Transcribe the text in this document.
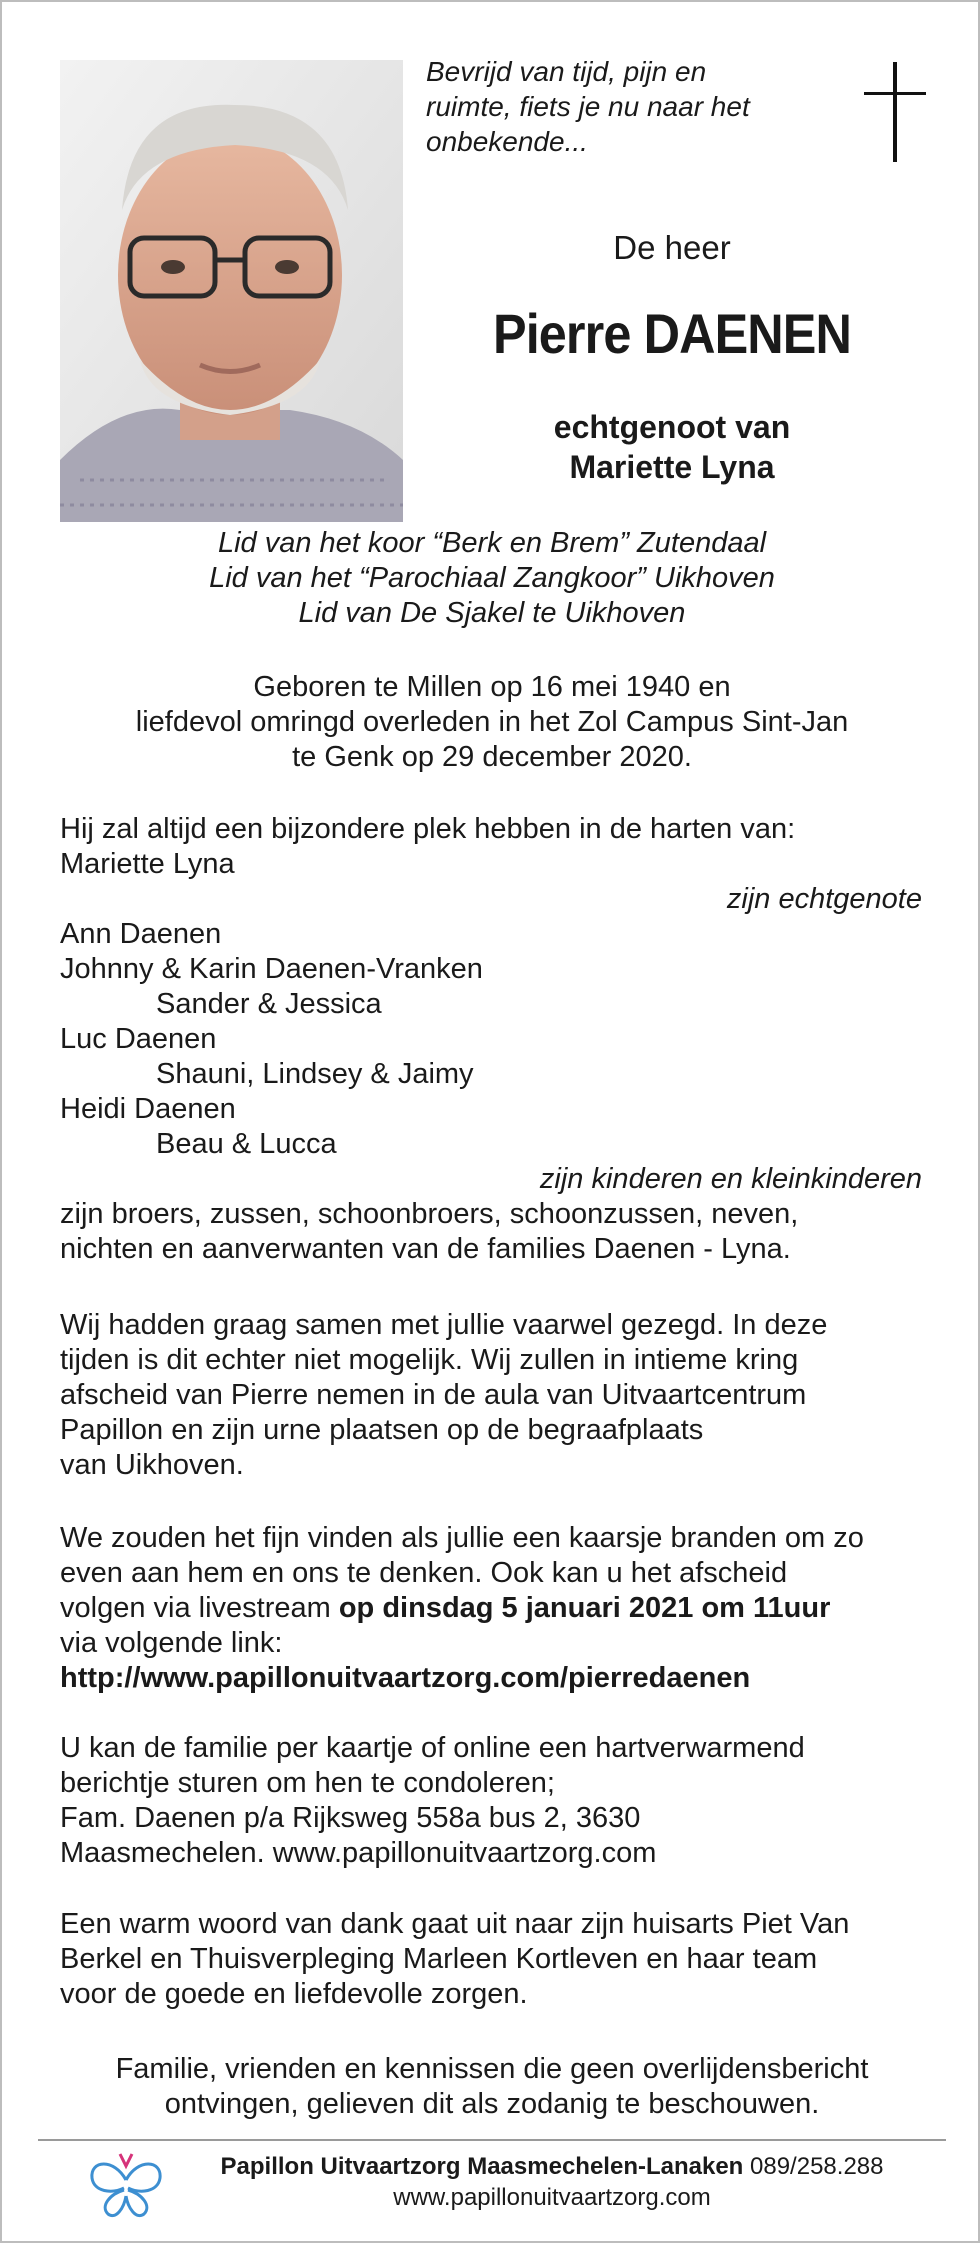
Bevrijd van tijd, pijn en
ruimte, fiets je nu naar het
onbekende...
De heer
Pierre DAENEN
echtgenoot van
Mariette Lyna
Lid van het koor “Berk en Brem” Zutendaal
Lid van het “Parochiaal Zangkoor” Uikhoven
Lid van De Sjakel te Uikhoven
Geboren te Millen op 16 mei 1940 en
liefdevol omringd overleden in het Zol Campus Sint-Jan
te Genk op 29 december 2020.
Hij zal altijd een bijzondere plek hebben in de harten van:
Mariette Lyna
zijn echtgenote
Ann Daenen
Johnny & Karin Daenen-Vranken
Sander & Jessica
Luc Daenen
Shauni, Lindsey & Jaimy
Heidi Daenen
Beau & Lucca
zijn kinderen en kleinkinderen
zijn broers, zussen, schoonbroers, schoonzussen, neven,
nichten en aanverwanten van de families Daenen - Lyna.
Wij hadden graag samen met jullie vaarwel gezegd. In deze
tijden is dit echter niet mogelijk. Wij zullen in intieme kring
afscheid van Pierre nemen in de aula van Uitvaartcentrum
Papillon en zijn urne plaatsen op de begraafplaats
van Uikhoven.
We zouden het fijn vinden als jullie een kaarsje branden om zo
even aan hem en ons te denken. Ook kan u het afscheid
volgen via livestream op dinsdag 5 januari 2021 om 11uur
via volgende link:
http://www.papillonuitvaartzorg.com/pierredaenen
U kan de familie per kaartje of online een hartverwarmend
berichtje sturen om hen te condoleren;
Fam. Daenen p/a Rijksweg 558a bus 2, 3630
Maasmechelen. www.papillonuitvaartzorg.com
Een warm woord van dank gaat uit naar zijn huisarts Piet Van
Berkel en Thuisverpleging Marleen Kortleven en haar team
voor de goede en liefdevolle zorgen.
Familie, vrienden en kennissen die geen overlijdensbericht
ontvingen, gelieven dit als zodanig te beschouwen.
Papillon Uitvaartzorg Maasmechelen-Lanaken 089/258.288
www.papillonuitvaartzorg.com
